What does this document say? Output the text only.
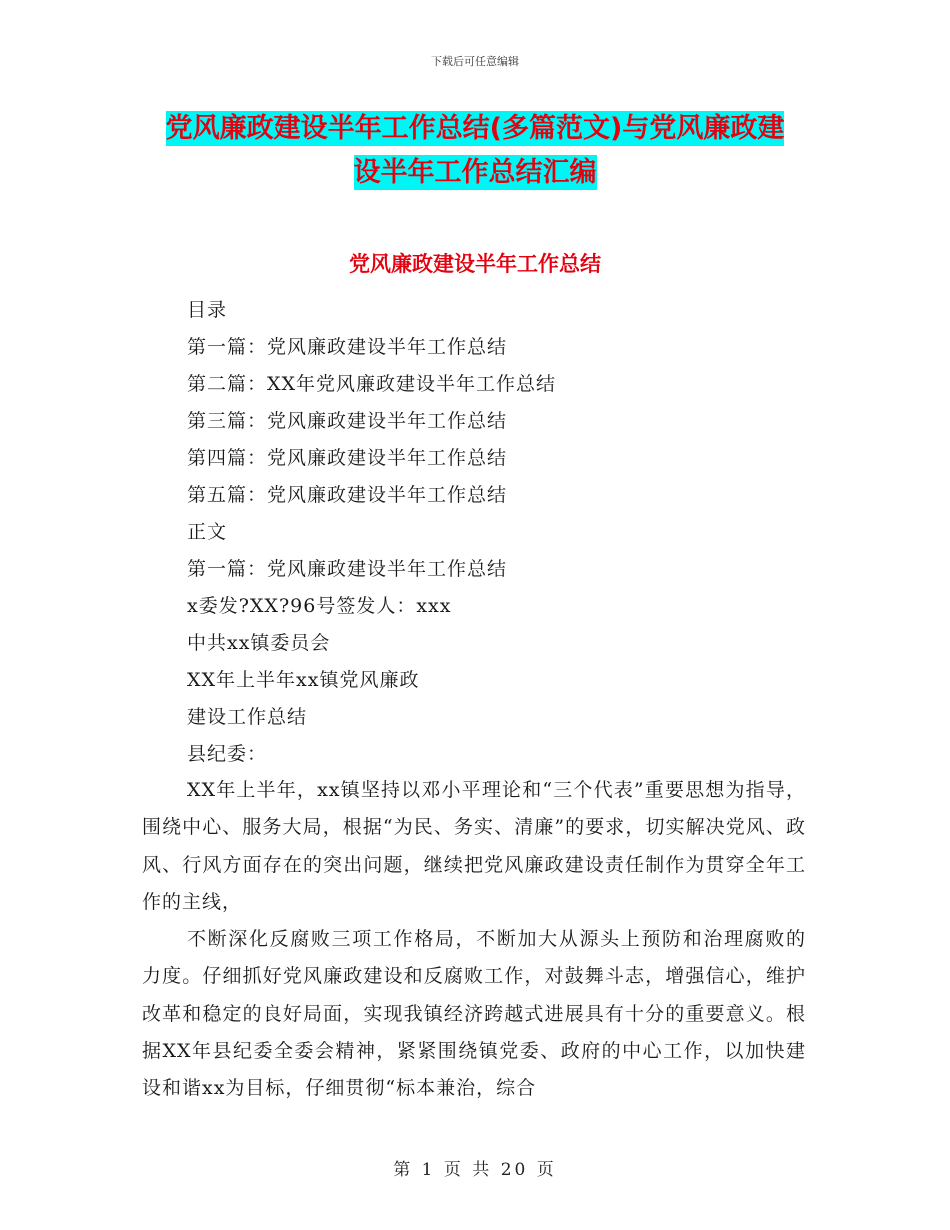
下载后可任意编辑
党风廉政建设半年工作总结(多篇范文)与党风廉政建
设半年工作总结汇编
党风廉政建设半年工作总结
目录
第一篇：党风廉政建设半年工作总结
第二篇：XX年党风廉政建设半年工作总结
第三篇：党风廉政建设半年工作总结
第四篇：党风廉政建设半年工作总结
第五篇：党风廉政建设半年工作总结
正文
第一篇：党风廉政建设半年工作总结
x委发?XX?96号签发人：xxx
中共xx镇委员会
XX年上半年xx镇党风廉政
建设工作总结
县纪委：

XX年上半年，xx镇坚持以邓小平理论和“三个代表”重要思想为指导，围绕中心、服务大局，根据“为民、务实、清廉”的要求，切实解决党风、政风、行风方面存在的突出问题，继续把党风廉政建设责任制作为贯穿全年工作的主线，

不断深化反腐败三项工作格局，不断加大从源头上预防和治理腐败的力度。仔细抓好党风廉政建设和反腐败工作，对鼓舞斗志，增强信心，维护改革和稳定的良好局面，实现我镇经济跨越式进展具有十分的重要意义。根据XX年县纪委全委会精神，紧紧围绕镇党委、政府的中心工作，以加快建设和谐xx为目标，仔细贯彻“标本兼治，综合

第 1 页 共 20 页
